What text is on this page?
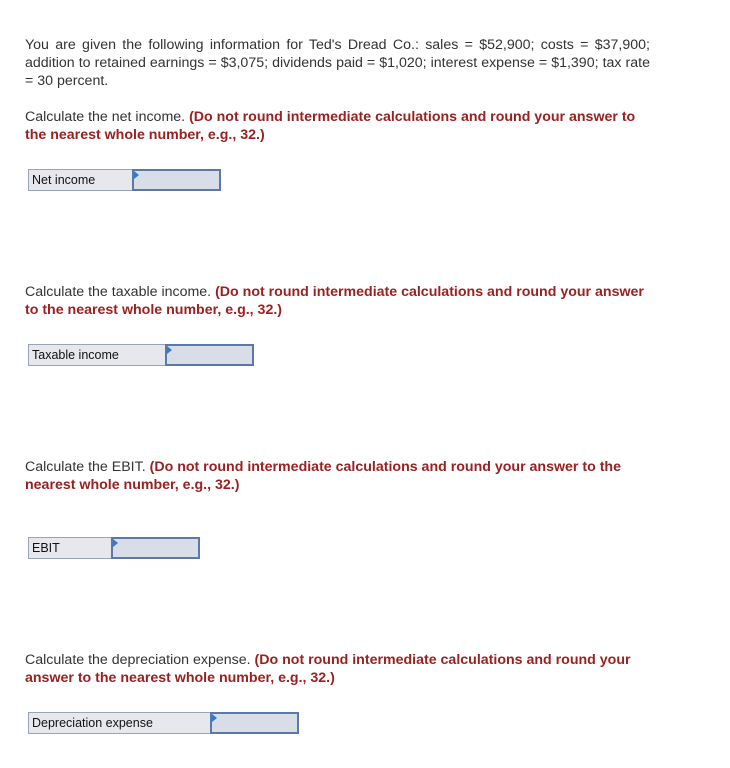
You are given the following information for Ted's Dread Co.: sales = $52,900; costs = $37,900; addition to retained earnings = $3,075; dividends paid = $1,020; interest expense = $1,390; tax rate = 30 percent.
Calculate the net income. (Do not round intermediate calculations and round your answer to the nearest whole number, e.g., 32.)
Net income
Calculate the taxable income. (Do not round intermediate calculations and round your answer to the nearest whole number, e.g., 32.)
Taxable income
Calculate the EBIT. (Do not round intermediate calculations and round your answer to the nearest whole number, e.g., 32.)
EBIT
Calculate the depreciation expense. (Do not round intermediate calculations and round your answer to the nearest whole number, e.g., 32.)
Depreciation expense
